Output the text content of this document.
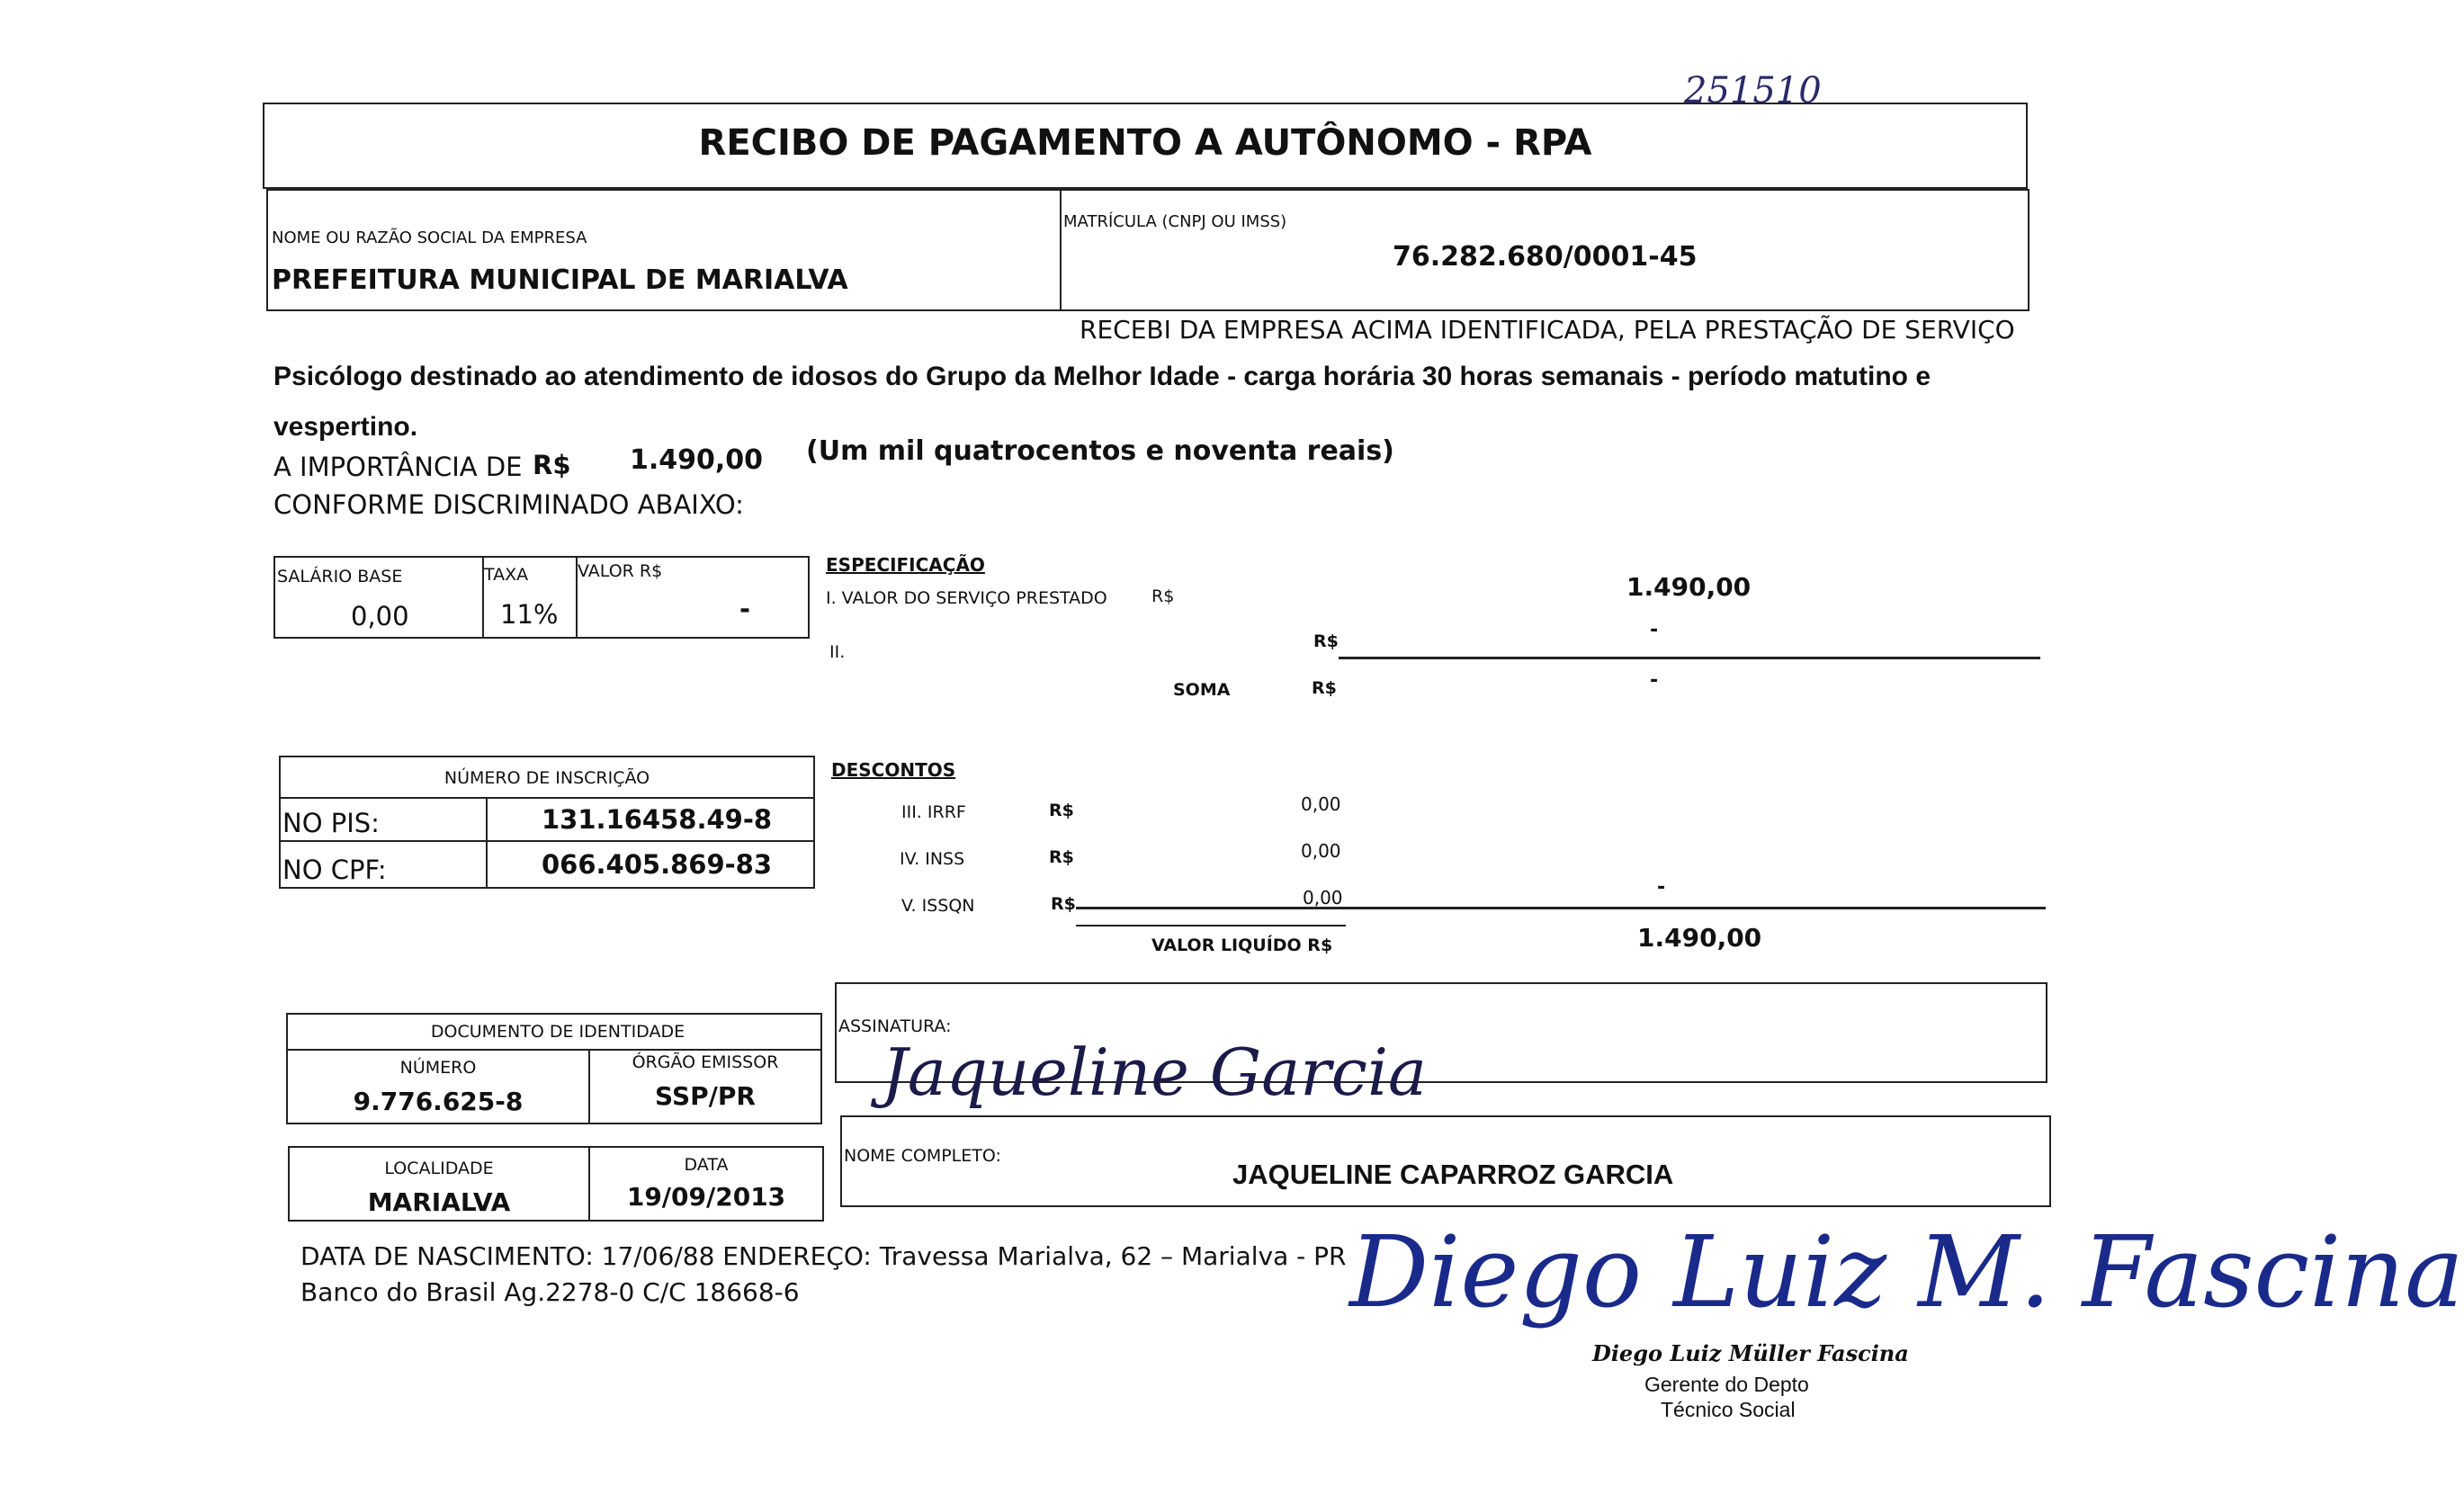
251510
RECIBO DE PAGAMENTO A AUTÔNOMO - RPA
NOME OU RAZÃO SOCIAL DA EMPRESA
PREFEITURA MUNICIPAL DE MARIALVA
MATRÍCULA (CNPJ OU IMSS)
76.282.680/0001-45
RECEBI DA EMPRESA ACIMA IDENTIFICADA, PELA PRESTAÇÃO DE SERVIÇO
Psicólogo destinado ao atendimento de idosos do Grupo da Melhor Idade - carga horária 30 horas semanais - período matutino e
vespertino.
A IMPORTÂNCIA DE R$ 1.490,00 (Um mil quatrocentos e noventa reais)
CONFORME DISCRIMINADO ABAIXO:
SALÁRIO BASE	TAXA	VALOR R$
0,00	11%	-
ESPECIFICAÇÃO
I. VALOR DO SERVIÇO PRESTADO	R$	1.490,00
II.
R$	-
SOMA	R$	-
NÚMERO DE INSCRIÇÃO
NO PIS:	131.16458.49-8
NO CPF:	066.405.869-83
DESCONTOS
III. IRRF	R$	0,00
IV. INSS	R$	0,00
V. ISSQN	R$	0,00	-
VALOR LIQUÍDO R$	1.490,00
DOCUMENTO DE IDENTIDADE
NÚMERO
9.776.625-8
ÓRGÃO EMISSOR
SSP/PR
LOCALIDADE
MARIALVA
DATA
19/09/2013
ASSINATURA:
Jaqueline Garcia
NOME COMPLETO:
JAQUELINE CAPARROZ GARCIA
DATA DE NASCIMENTO: 17/06/88 ENDEREÇO: Travessa Marialva, 62 – Marialva - PR
Banco do Brasil Ag.2278-0 C/C 18668-6	Diego Luiz M. Fascina
Diego Luiz Müller Fascina
Gerente do Depto
Técnico Social
